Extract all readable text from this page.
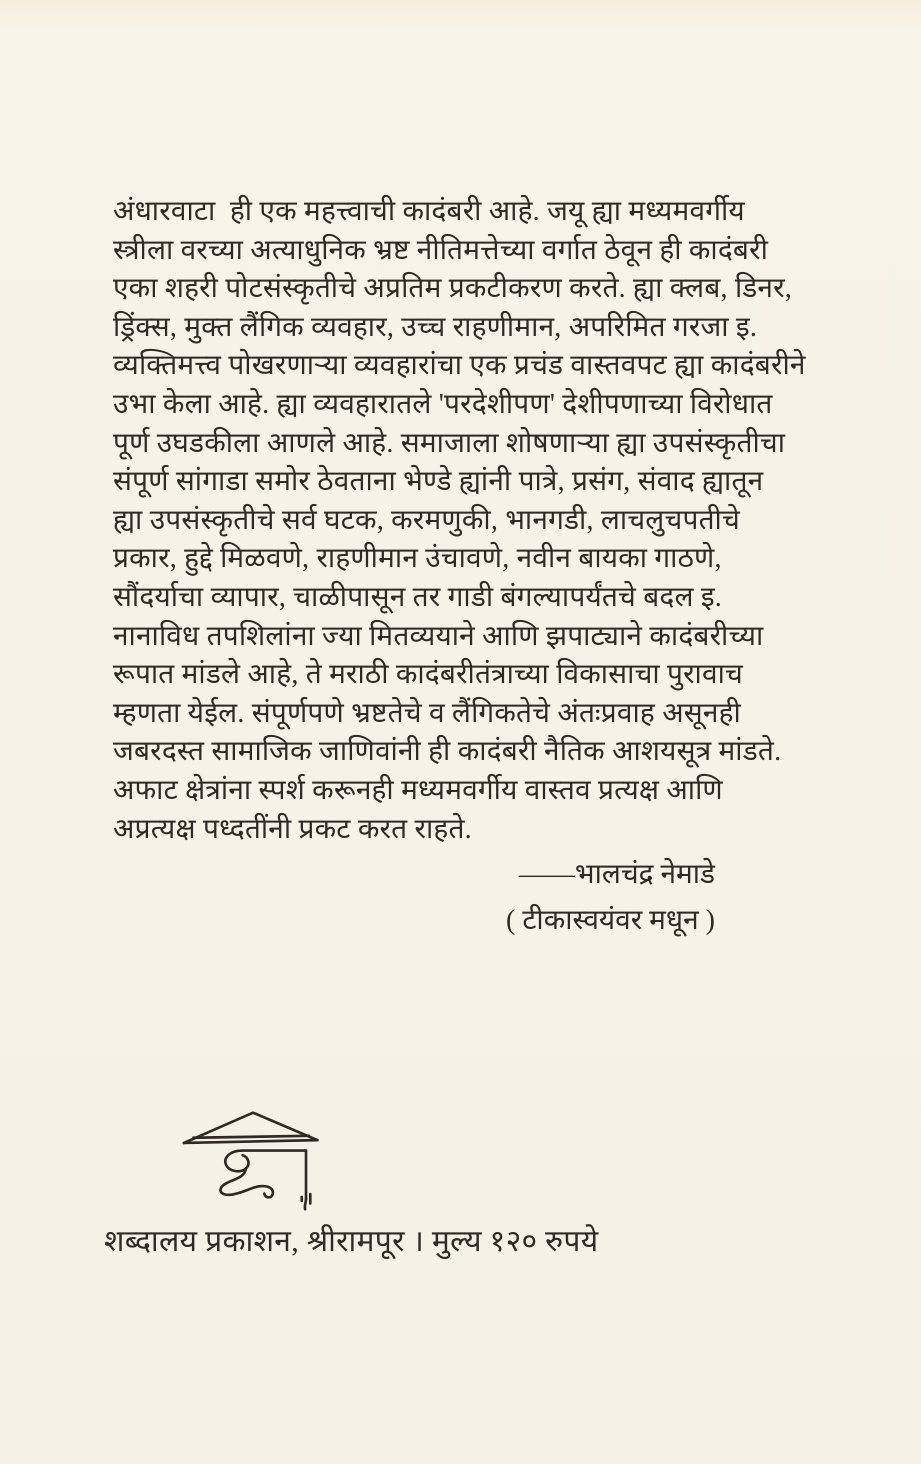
अंधारवाटा  ही एक महत्त्वाची कादंबरी आहे. जयू ह्या मध्यमवर्गीय
स्त्रीला वरच्या अत्याधुनिक भ्रष्ट नीतिमत्तेच्या वर्गात ठेवून ही कादंबरी
एका शहरी पोटसंस्कृतीचे अप्रतिम प्रकटीकरण करते. ह्या क्लब, डिनर,
ड्रिंक्स, मुक्त लैंगिक व्यवहार, उच्च राहणीमान, अपरिमित गरजा इ.
व्यक्तिमत्त्व पोखरणाऱ्या व्यवहारांचा एक प्रचंड वास्तवपट ह्या कादंबरीने
उभा केला आहे. ह्या व्यवहारातले 'परदेशीपण' देशीपणाच्या विरोधात
पूर्ण उघडकीला आणले आहे. समाजाला शोषणाऱ्या ह्या उपसंस्कृतीचा
संपूर्ण सांगाडा समोर ठेवताना भेण्डे ह्यांनी पात्रे, प्रसंग, संवाद ह्यातून
ह्या उपसंस्कृतीचे सर्व घटक, करमणुकी, भानगडी, लाचलुचपतीचे
प्रकार, हुद्दे मिळवणे, राहणीमान उंचावणे, नवीन बायका गाठणे,
सौंदर्याचा व्यापार, चाळीपासून तर गाडी बंगल्यापर्यंतचे बदल इ.
नानाविध तपशिलांना ज्या मितव्ययाने आणि झपाट्याने कादंबरीच्या
रूपात मांडले आहे, ते मराठी कादंबरीतंत्राच्या विकासाचा पुरावाच
म्हणता येईल. संपूर्णपणे भ्रष्टतेचे व लैंगिकतेचे अंतःप्रवाह असूनही
जबरदस्त सामाजिक जाणिवांनी ही कादंबरी नैतिक आशयसूत्र मांडते.
अफाट क्षेत्रांना स्पर्श करूनही मध्यमवर्गीय वास्तव प्रत्यक्ष आणि
अप्रत्यक्ष पध्दतींनी प्रकट करत राहते.
——भालचंद्र नेमाडे
( टीकास्वयंवर मधून )
शब्दालय प्रकाशन, श्रीरामपूर । मुल्य १२० रुपये
